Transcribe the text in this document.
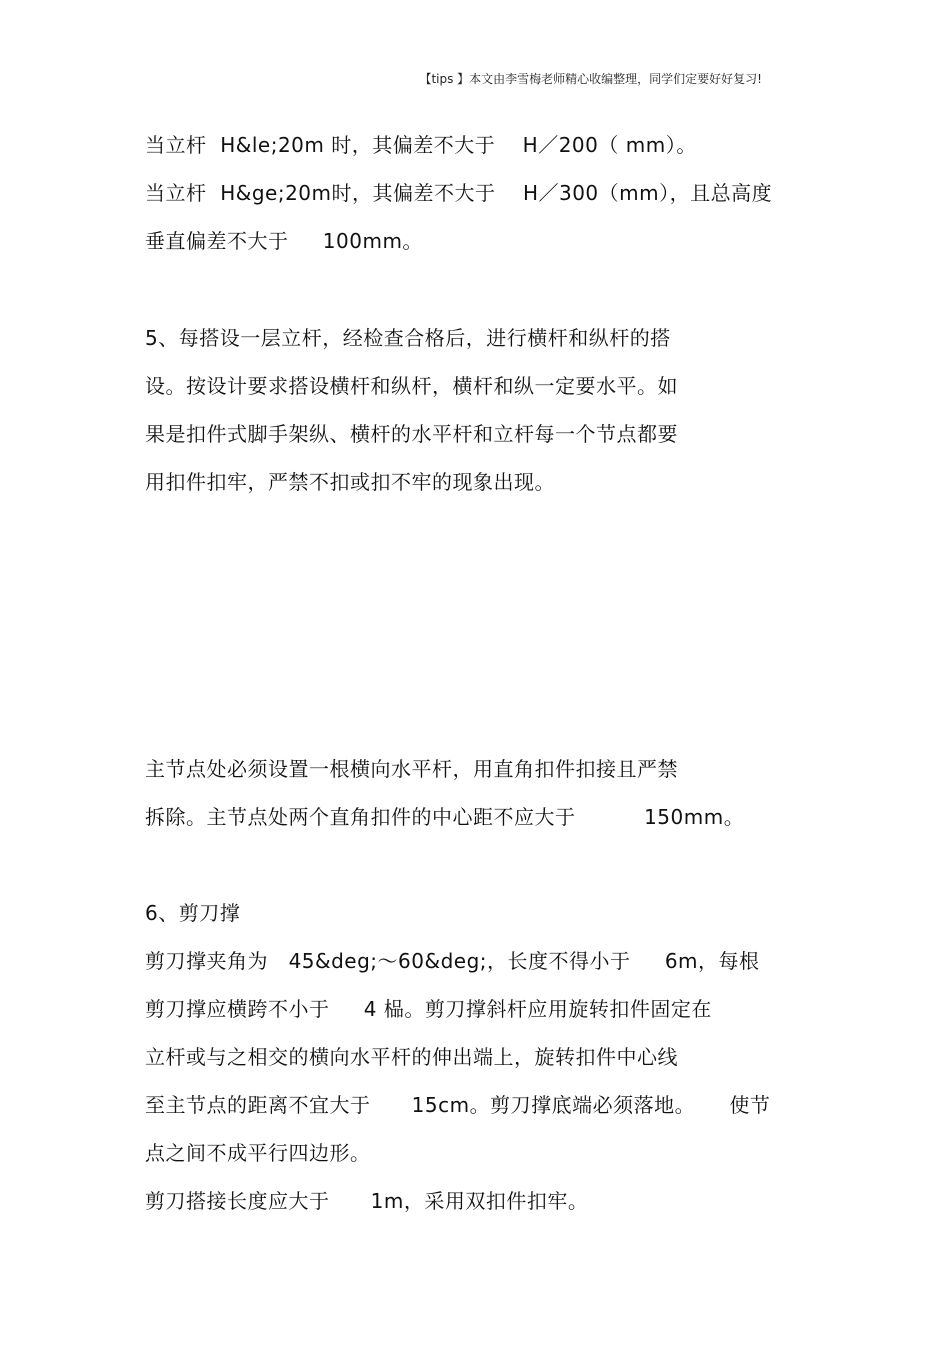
【tips 】本文由李雪梅老师精心收编整理，同学们定要好好复习!
当立杆  H&le;20m 时，其偏差不大于    H／200（ mm）。
当立杆  H&ge;20m时，其偏差不大于    H／300（mm），且总高度
垂直偏差不大于     100mm。
5、每搭设一层立杆，经检查合格后，进行横杆和纵杆的搭
设。按设计要求搭设横杆和纵杆，横杆和纵一定要水平。如
果是扣件式脚手架纵、横杆的水平杆和立杆每一个节点都要
用扣件扣牢，严禁不扣或扣不牢的现象出现。
主节点处必须设置一根横向水平杆，用直角扣件扣接且严禁
拆除。主节点处两个直角扣件的中心距不应大于          150mm。
6、剪刀撑
剪刀撑夹角为   45&deg;～60&deg;，长度不得小于     6m，每根
剪刀撑应横跨不小于     4 榀。剪刀撑斜杆应用旋转扣件固定在
立杆或与之相交的横向水平杆的伸出端上，旋转扣件中心线
至主节点的距离不宜大于      15cm。剪刀撑底端必须落地。     使节
点之间不成平行四边形。
剪刀搭接长度应大于      1m，采用双扣件扣牢。
